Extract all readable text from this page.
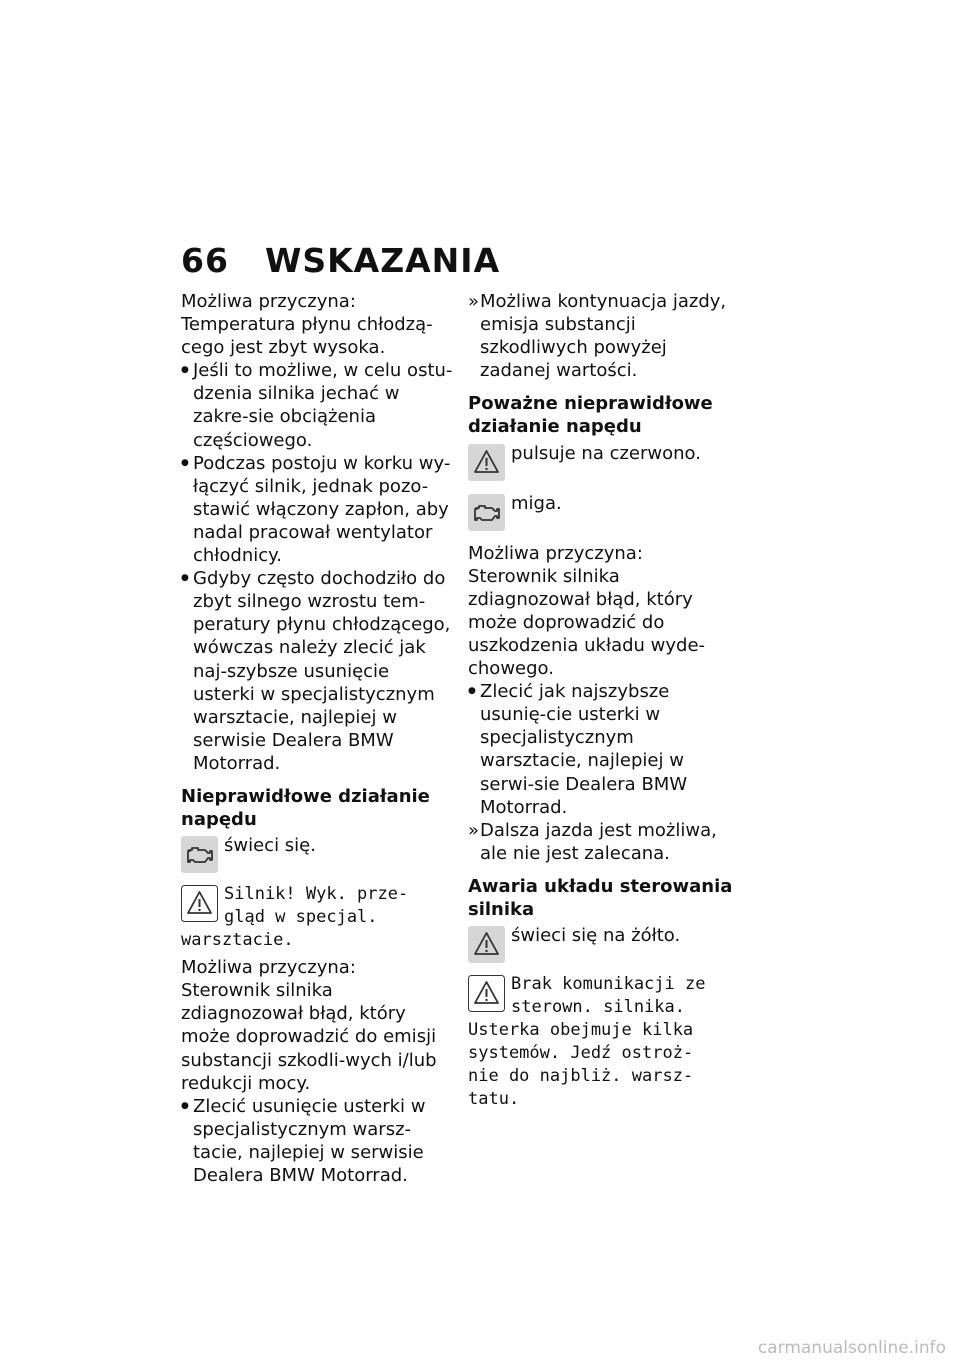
66 WSKAZANIA

Możliwa przyczyna:

Temperatura płynu chłodzą-cego jest zbyt wysoka.

● Jeśli to możliwe, w celu ostu-dzenia silnika jechać w zakre-sie obciążenia częściowego.

● Podczas postoju w korku wy-łączyć silnik, jednak pozo-stawić włączony zapłon, aby nadal pracował wentylator chłodnicy.

● Gdyby często dochodziło do zbyt silnego wzrostu tem-peratury płynu chłodzącego, wówczas należy zlecić jak naj-szybsze usunięcie usterki w specjalistycznym warsztacie, najlepiej w serwisie Dealera BMW Motorrad.

Nieprawidłowe działanie napędu

świeci się.
Silnik! Wyk. prze-
gląd w specjal.
warsztacie.

Możliwa przyczyna:

Sterownik silnika zdiagnozował błąd, który może doprowadzić do emisji substancji szkodli-wych i/lub redukcji mocy.

● Zlecić usunięcie usterki w specjalistycznym warsz-tacie, najlepiej w serwisie Dealera BMW Motorrad.

» Możliwa kontynuacja jazdy, emisja substancji szkodliwych powyżej zadanej wartości.

Poważne nieprawidłowe działanie napędu

pulsuje na czerwono.
miga.

Możliwa przyczyna:

Sterownik silnika zdiagnozował błąd, który może doprowadzić do uszkodzenia układu wyde-chowego.

● Zlecić jak najszybsze usunię-cie usterki w specjalistycznym warsztacie, najlepiej w serwi-sie Dealera BMW Motorrad.

» Dalsza jazda jest możliwa, ale nie jest zalecana.

Awaria układu sterowania silnika

świeci się na żółto.
Brak komunikacji ze
sterown. silnika.
Usterka obejmuje kilka
systemów. Jedź ostroż-
nie do najbliż. warsz-
tatu.
carmanualsonline.info
